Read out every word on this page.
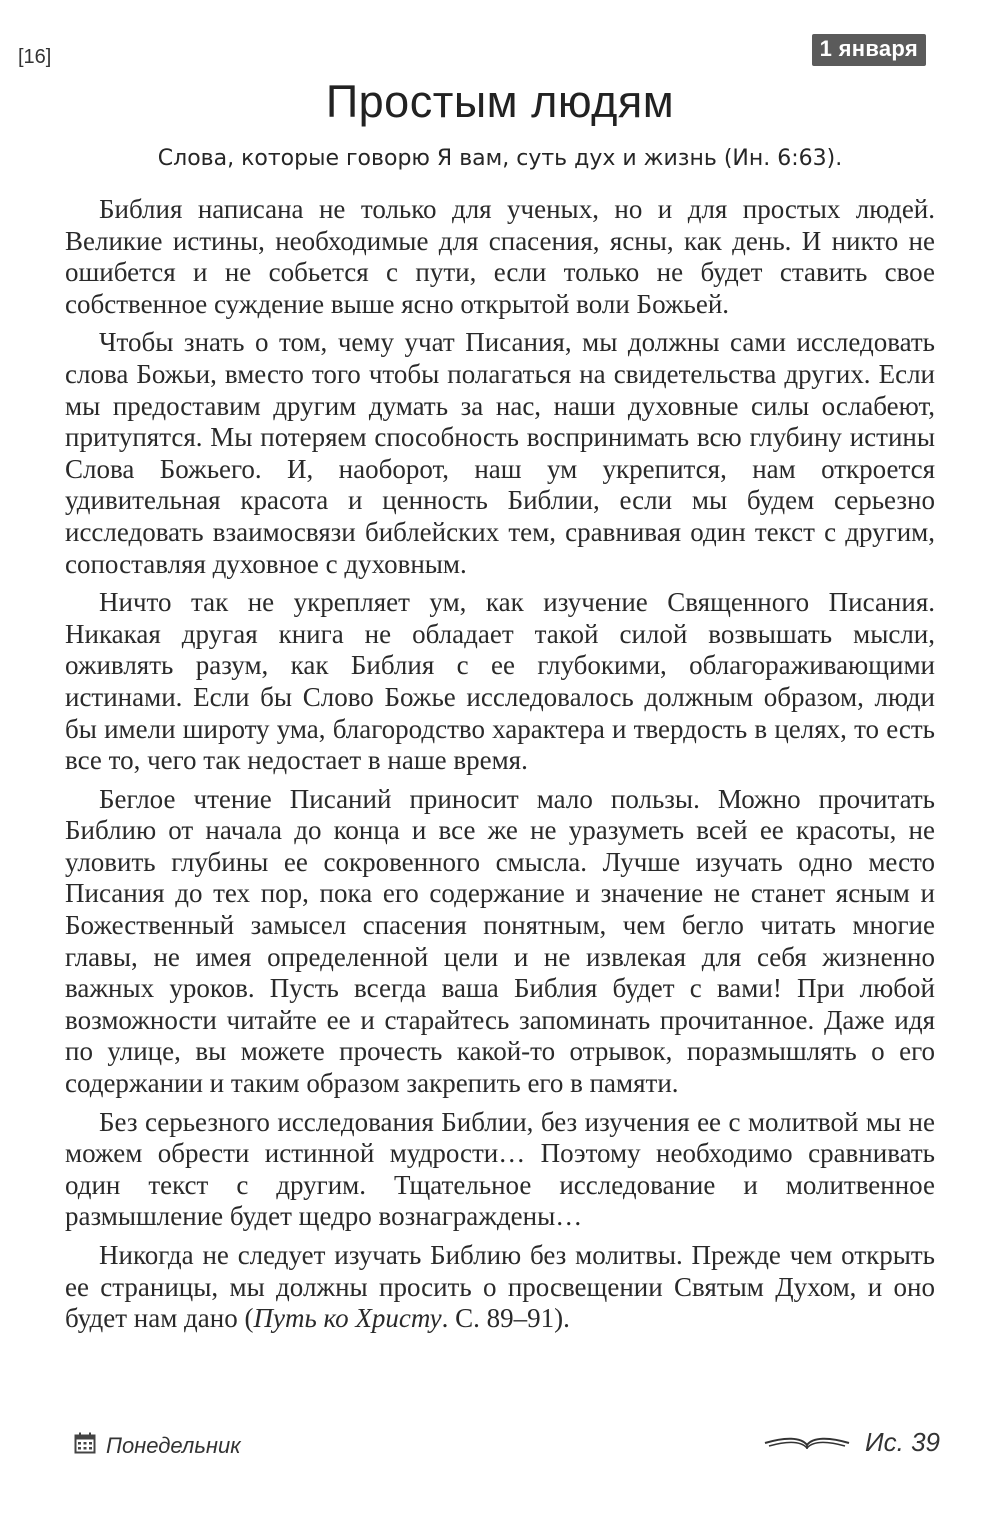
[16]	1 января
Простым людям
Слова, которые говорю Я вам, суть дух и жизнь (Ин. 6:63).

Библия написана не только для ученых, но и для простых людей. Великие истины, необходимые для спасения, ясны, как день. И никто не ошибется и не собьется с пути, если только не будет ставить свое собственное суждение выше ясно открытой воли Божьей.

Чтобы знать о том, чему учат Писания, мы должны сами исследовать слова Божьи, вместо того чтобы полагаться на свидетельства других. Если мы предоставим другим думать за нас, наши духовные силы ослабеют, притупятся. Мы потеряем способность воспринимать всю глубину истины Слова Божьего. И, наоборот, наш ум укрепится, нам откроется удивительная красота и ценность Библии, если мы будем серьезно исследовать взаимосвязи библейских тем, сравнивая один текст с другим, сопоставляя духовное с духовным.

Ничто так не укрепляет ум, как изучение Священного Писания. Никакая другая книга не обладает такой силой возвышать мысли, оживлять разум, как Библия с ее глубокими, облагораживающими истинами. Если бы Слово Божье исследовалось должным образом, люди бы имели широту ума, благородство характера и твердость в целях, то есть все то, чего так недостает в наше время.

Беглое чтение Писаний приносит мало пользы. Можно прочитать Библию от начала до конца и все же не уразуметь всей ее красоты, не уловить глубины ее сокровенного смысла. Лучше изучать одно место Писания до тех пор, пока его содержание и значение не станет ясным и Божественный замысел спасения понятным, чем бегло читать многие главы, не имея определенной цели и не извлекая для себя жизненно важных уроков. Пусть всегда ваша Библия будет с вами! При любой возможности читайте ее и старайтесь запоминать прочитанное. Даже идя по улице, вы можете прочесть какой-то отрывок, поразмышлять о его содержании и таким образом закрепить его в памяти.

Без серьезного исследования Библии, без изучения ее с молитвой мы не можем обрести истинной мудрости… Поэтому необходимо сравнивать один текст с другим. Тщательное исследование и молитвенное размышление будет щедро вознаграждены…

Никогда не следует изучать Библию без молитвы. Прежде чем открыть ее страницы, мы должны просить о просвещении Святым Духом, и оно будет нам дано (Путь ко Христу. С. 89–91).

Понедельник	Ис. 39
